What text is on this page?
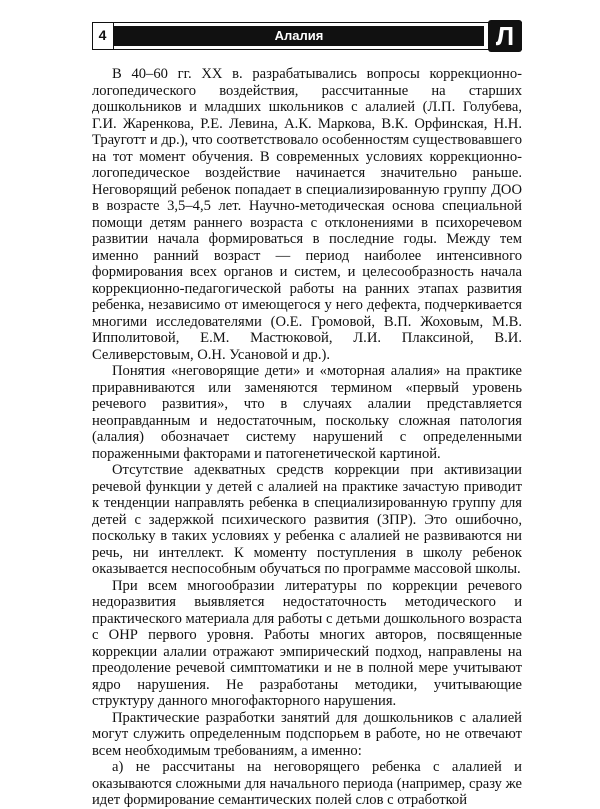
4	Алалия	Л

В 40–60 гг. XX в. разрабатывались вопросы коррекционно-логопедического воздействия, рассчитанные на старших дошкольников и младших школьников с алалией (Л.П. Голубева, Г.И. Жаренкова, Р.Е. Левина, А.К. Маркова, В.К. Орфинская, Н.Н. Трауготт и др.), что соответствовало особенностям существовавшего на тот момент обучения. В современных условиях коррекционно-логопедическое воздействие начинается значительно раньше. Неговорящий ребенок попадает в специализированную группу ДОО в возрасте 3,5–4,5 лет. Научно-методическая основа специальной помощи детям раннего возраста с отклонениями в психоречевом развитии начала формироваться в последние годы. Между тем именно ранний возраст — период наиболее интенсивного формирования всех органов и систем, и целесообразность начала коррекционно-педагогической работы на ранних этапах развития ребенка, независимо от имеющегося у него дефекта, подчеркивается многими исследователями (О.Е. Громовой, В.П. Жоховым, М.В. Ипполитовой, Е.М. Мастюковой, Л.И. Плаксиной, В.И. Селиверстовым, О.Н. Усановой и др.).

Понятия «неговорящие дети» и «моторная алалия» на практике приравниваются или заменяются термином «первый уровень речевого развития», что в случаях алалии представляется неоправданным и недостаточным, поскольку сложная патология (алалия) обозначает систему нарушений с определенными пораженными факторами и патогенетической картиной.

Отсутствие адекватных средств коррекции при активизации речевой функции у детей с алалией на практике зачастую приводит к тенденции направлять ребенка в специализированную группу для детей с задержкой психического развития (ЗПР). Это ошибочно, поскольку в таких условиях у ребенка с алалией не развиваются ни речь, ни интеллект. К моменту поступления в школу ребенок оказывается неспособным обучаться по программе массовой школы.

При всем многообразии литературы по коррекции речевого недоразвития выявляется недостаточность методического и практического материала для работы с детьми дошкольного возраста с ОНР первого уровня. Работы многих авторов, посвященные коррекции алалии отражают эмпирический подход, направлены на преодоление речевой симптоматики и не в полной мере учитывают ядро нарушения. Не разработаны методики, учитывающие структуру данного многофакторного нарушения.

Практические разработки занятий для дошкольников с алалией могут служить определенным подспорьем в работе, но не отвечают всем необходимым требованиям, а именно:

а) не рассчитаны на неговорящего ребенка с алалией и оказываются сложными для начального периода (например, сразу же идет формирование семантических полей слов с отработкой
